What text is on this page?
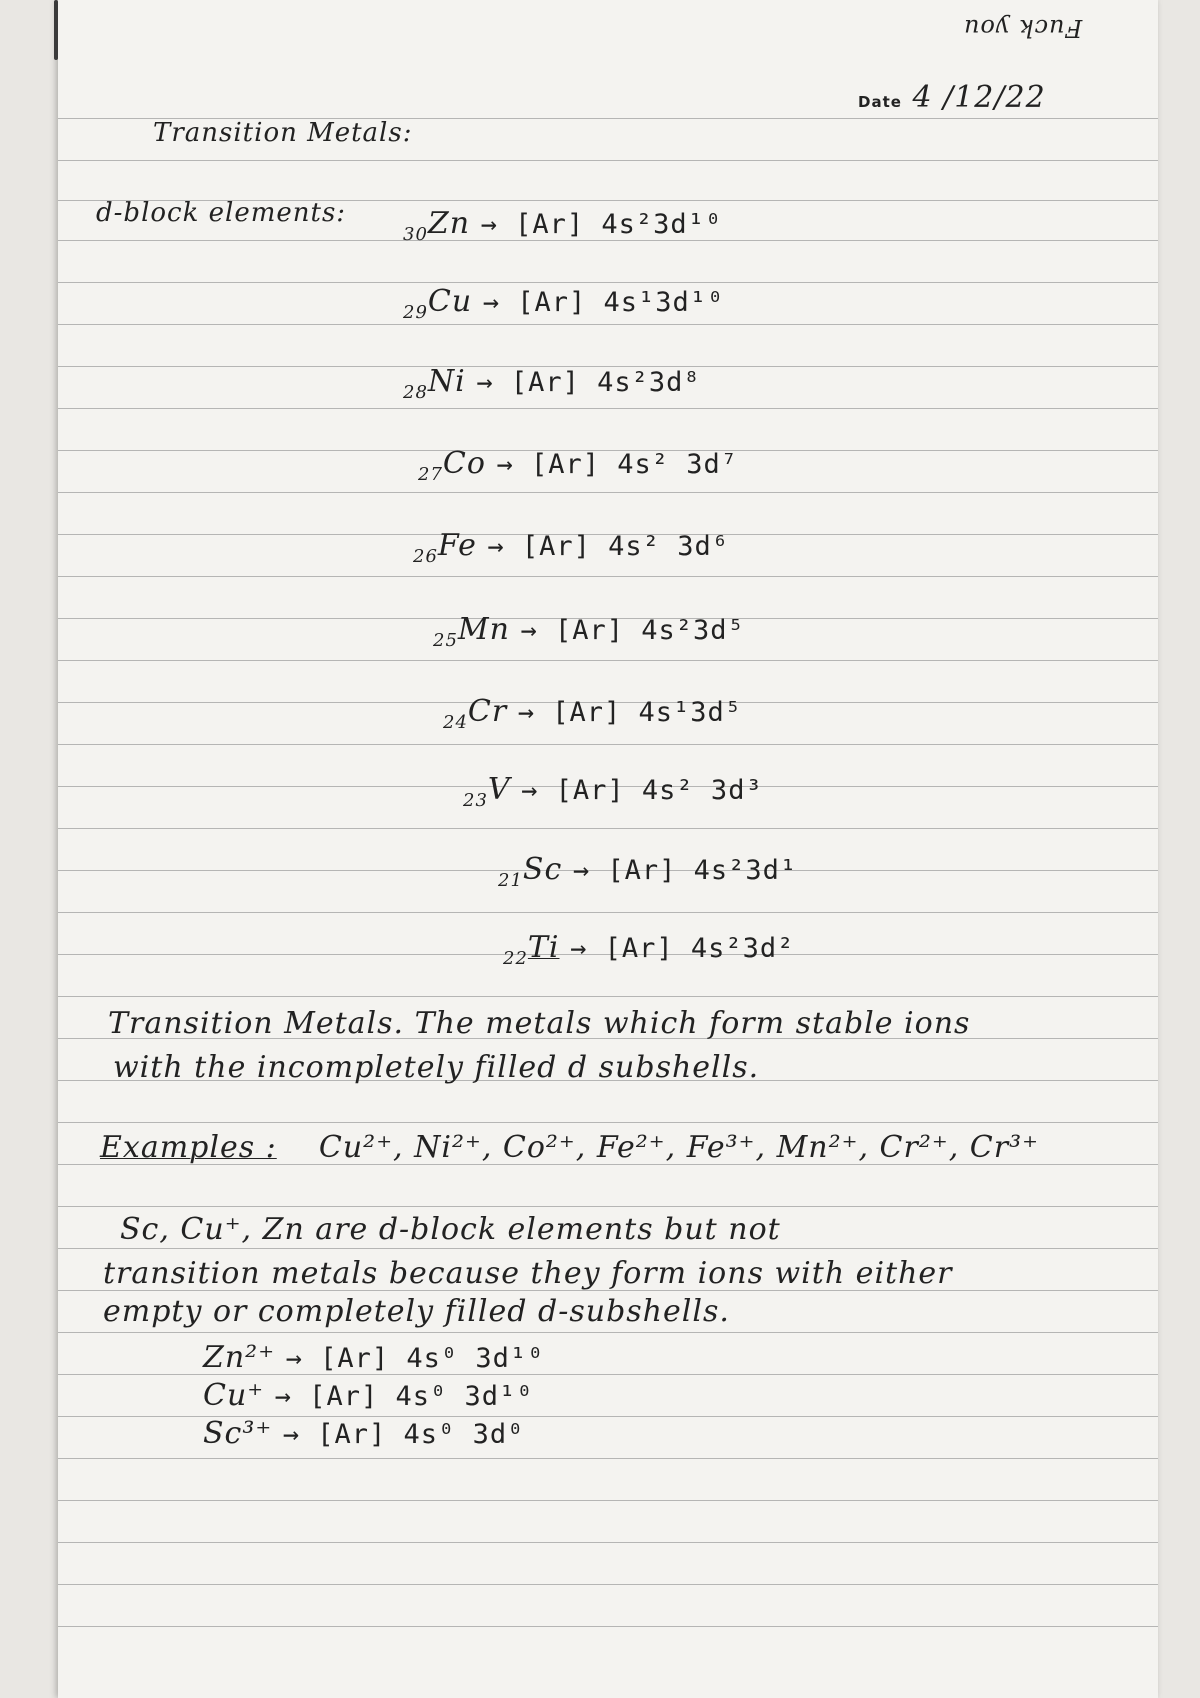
Fuck you
Date 4 /12/22
Transition Metals:
d-block elements:
$_{30}$Zn → [Ar] 4s²3d¹⁰
$_{29}$Cu → [Ar] 4s¹3d¹⁰
$_{28}$Ni → [Ar] 4s²3d⁸
$_{27}$Co → [Ar] 4s² 3d⁷
$_{26}$Fe → [Ar] 4s² 3d⁶
$_{25}$Mn → [Ar] 4s²3d⁵
$_{24}$Cr → [Ar] 4s¹3d⁵
$_{23}$V → [Ar] 4s² 3d³
$_{21}$Sc → [Ar] 4s²3d¹
$_{22}$Ti → [Ar] 4s²3d²
Transition Metals. The metals which form stable ions
with the incompletely filled d subshells.
Examples : Cu²⁺, Ni²⁺, Co²⁺, Fe²⁺, Fe³⁺, Mn²⁺, Cr²⁺, Cr³⁺
Sc, Cu⁺, Zn are d-block elements but not
transition metals because they form ions with either
empty or completely filled d-subshells.
Zn²⁺ → [Ar] 4s⁰ 3d¹⁰
Cu⁺ → [Ar] 4s⁰ 3d¹⁰
Sc³⁺ → [Ar] 4s⁰ 3d⁰
